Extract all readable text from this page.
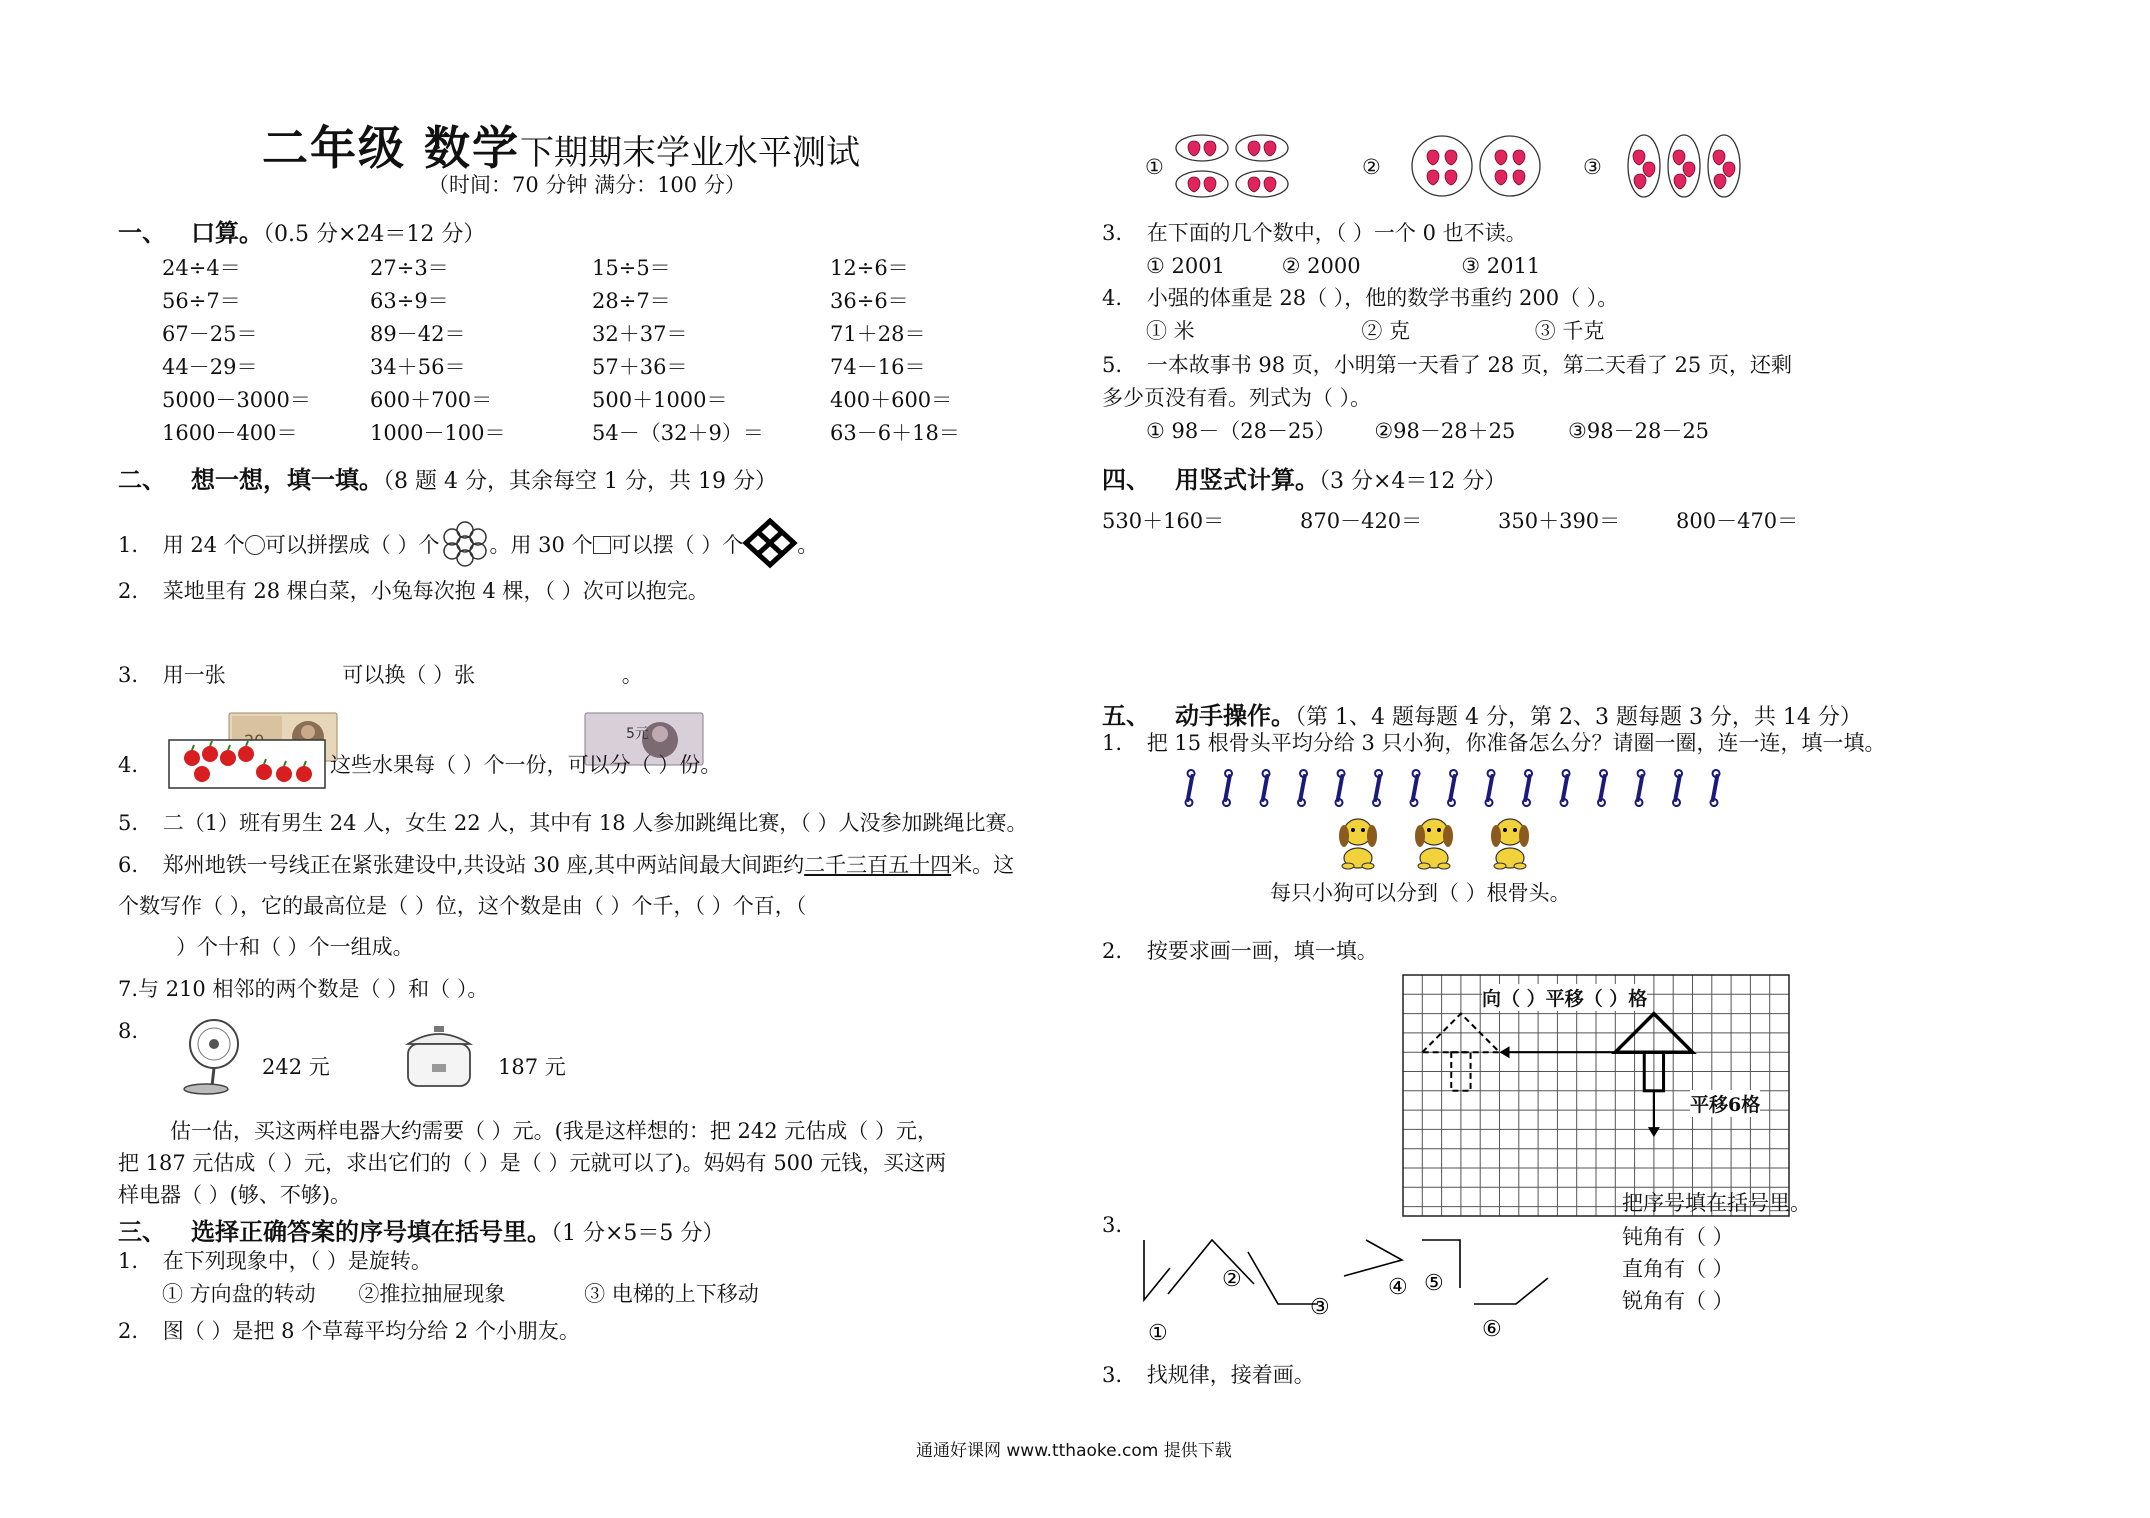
二年级 数学下期期末学业水平测试
（时间：70 分钟 满分：100 分）
一、 口算。（0.5 分×24＝12 分）
24÷4＝	27÷3＝	15÷5＝	12÷6＝
56÷7＝	63÷9＝	28÷7＝	36÷6＝
67－25＝	89－42＝	32＋37＝	71＋28＝
44－29＝	34＋56＝	57＋36＝	74－16＝
5000－3000＝	600＋700＝	500＋1000＝	400＋600＝
1600－400＝	1000－100＝	54－（32＋9）＝	63－6＋18＝
二、 想一想，填一填。（8 题 4 分，其余每空 1 分，共 19 分）
1. 用 24 个 可以拼摆成（ ）个 。用 30 个 可以摆（ ）个	。
2. 菜地里有 28 棵白菜，小兔每次抱 4 棵，（ ）次可以抱完。
3. 用一张	可以换（ ）张	。
5元
4.	这些水果每（ ）个一份，可以分（ ）份。
5. 二（1）班有男生 24 人，女生 22 人，其中有 18 人参加跳绳比赛，（ ）人没参加跳绳比赛。
6. 郑州地铁一号线正在紧张建设中,共设站 30 座,其中两站间最大间距约二千三百五十四米。这
个数写作（ ），它的最高位是（ ）位，这个数是由（ ）个千，（ ）个百，（
）个十和（ ）个一组成。
7.与 210 相邻的两个数是（ ）和（ ）。
8.
242 元	187 元
估一估，买这两样电器大约需要（ ）元。(我是这样想的：把 242 元估成（ ）元，
把 187 元估成（ ）元，求出它们的（ ）是（ ）元就可以了)。妈妈有 500 元钱，买这两
样电器（ ）(够、不够)。
三、 选择正确答案的序号填在括号里。（1 分×5＝5 分）
1. 在下列现象中，（ ）是旋转。
① 方向盘的转动 ②推拉抽屉现象	③ 电梯的上下移动
2. 图（ ）是把 8 个草莓平均分给 2 个小朋友。
①	②	③
3. 在下面的几个数中，（ ）一个 0 也不读。
① 2001	② 2000	③ 2011
4. 小强的体重是 28（ ），他的数学书重约 200（ ）。
① 米	② 克	③ 千克
5. 一本故事书 98 页，小明第一天看了 28 页，第二天看了 25 页，还剩
多少页没有看。列式为（ ）。
① 98－（28－25） ②98－28＋25	③98－28－25
四、 用竖式计算。（3 分×4＝12 分）
530＋160＝	870－420＝	350＋390＝	800－470＝
五、 动手操作。（第 1、4 题每题 4 分，第 2、3 题每题 3 分，共 14 分）
1. 把 15 根骨头平均分给 3 只小狗，你准备怎么分？请圈一圈，连一连，填一填。
每只小狗可以分到（ ）根骨头。
2. 按要求画一画，填一填。
向（ ）平移（ ）格
平移6格
3.
把序号填在括号里。
钝角有（ ）
直角有（ ）
锐角有（ ）
①
②
③
④ ⑤
⑥
3. 找规律，接着画。
通通好课网 www.tthaoke.com 提供下载
